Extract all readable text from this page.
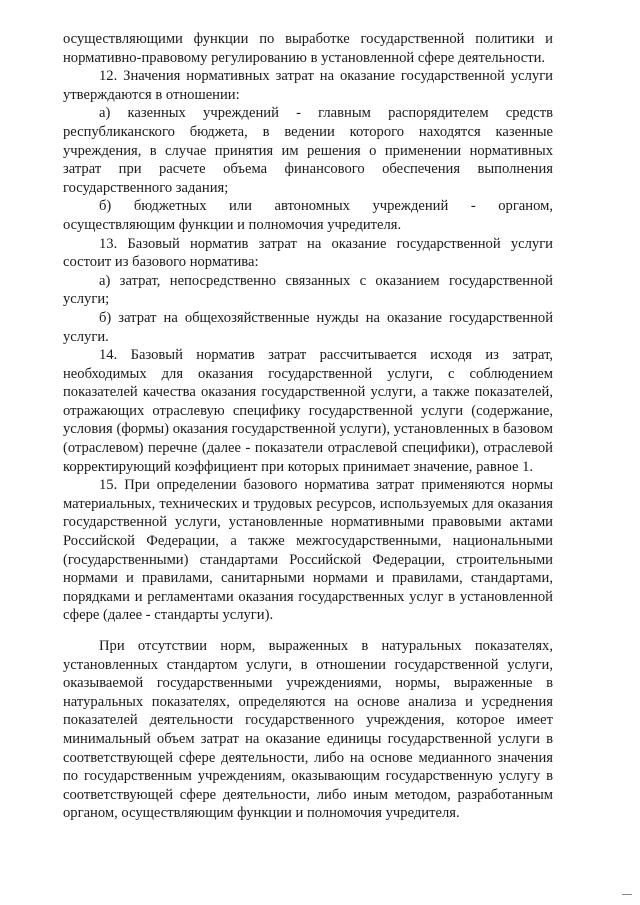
осуществляющими функции по выработке государственной политики и нормативно-правовому регулированию в установленной сфере деятельности.

12. Значения нормативных затрат на оказание государственной услуги утверждаются в отношении:

а) казенных учреждений - главным распорядителем средств республиканского бюджета, в ведении которого находятся казенные учреждения, в случае принятия им решения о применении нормативных затрат при расчете объема финансового обеспечения выполнения государственного задания;

б) бюджетных или автономных учреждений - органом, осуществляющим функции и полномочия учредителя.

13. Базовый норматив затрат на оказание государственной услуги состоит из базового норматива:

а) затрат, непосредственно связанных с оказанием государственной услуги;

б) затрат на общехозяйственные нужды на оказание государственной услуги.

14. Базовый норматив затрат рассчитывается исходя из затрат, необходимых для оказания государственной услуги, с соблюдением показателей качества оказания государственной услуги, а также показателей, отражающих отраслевую специфику государственной услуги (содержание, условия (формы) оказания государственной услуги), установленных в базовом (отраслевом) перечне (далее - показатели отраслевой специфики), отраслевой корректирующий коэффициент при которых принимает значение, равное 1.

15. При определении базового норматива затрат применяются нормы материальных, технических и трудовых ресурсов, используемых для оказания государственной услуги, установленные нормативными правовыми актами Российской Федерации, а также межгосударственными, национальными (государственными) стандартами Российской Федерации, строительными нормами и правилами, санитарными нормами и правилами, стандартами, порядками и регламентами оказания государственных услуг в установленной сфере (далее - стандарты услуги).

При отсутствии норм, выраженных в натуральных показателях, установленных стандартом услуги, в отношении государственной услуги, оказываемой государственными учреждениями, нормы, выраженные в натуральных показателях, определяются на основе анализа и усреднения показателей деятельности государственного учреждения, которое имеет минимальный объем затрат на оказание единицы государственной услуги в соответствующей сфере деятельности, либо на основе медианного значения по государственным учреждениям, оказывающим государственную услугу в соответствующей сфере деятельности, либо иным методом, разработанным органом, осуществляющим функции и полномочия учредителя.
